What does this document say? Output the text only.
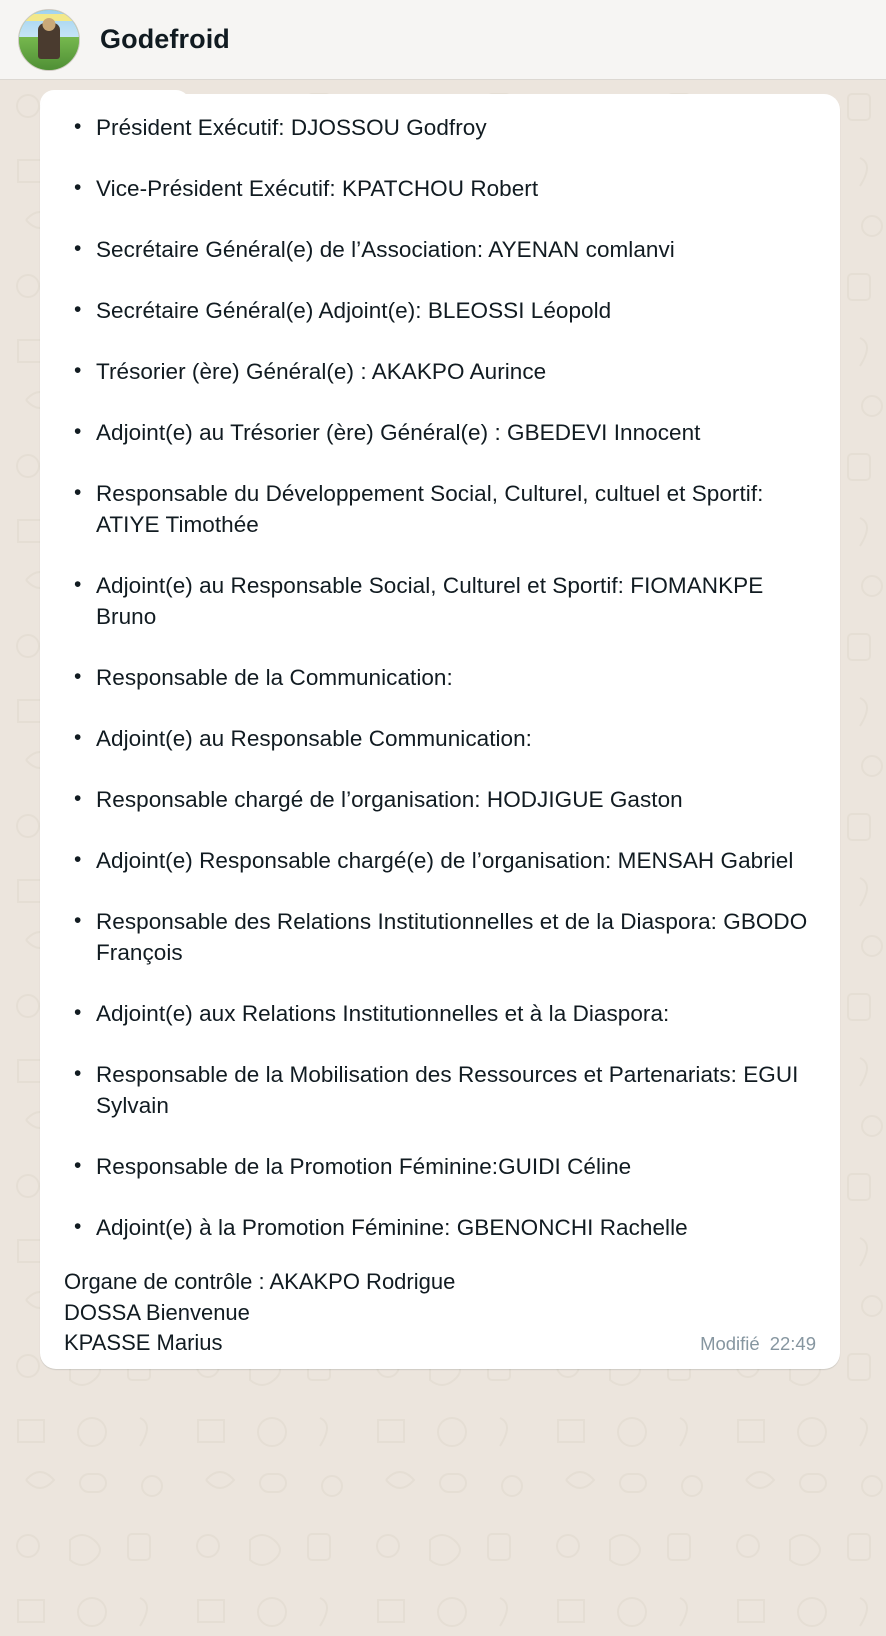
Godefroid
• Président Exécutif: DJOSSOU Godfroy
• Vice-Président Exécutif: KPATCHOU Robert
• Secrétaire Général(e) de l’Association: AYENAN comlanvi
• Secrétaire Général(e) Adjoint(e): BLEOSSI Léopold
• Trésorier (ère) Général(e) : AKAKPO Aurince
• Adjoint(e) au Trésorier (ère) Général(e) : GBEDEVI Innocent
• Responsable du Développement Social, Culturel, cultuel et Sportif: ATIYE Timothée
• Adjoint(e) au Responsable Social, Culturel et Sportif: FIOMANKPE Bruno
• Responsable de la Communication:
• Adjoint(e) au Responsable Communication:
• Responsable chargé de l’organisation: HODJIGUE Gaston
• Adjoint(e) Responsable chargé(e) de l’organisation: MENSAH Gabriel
• Responsable des Relations Institutionnelles et de la Diaspora: GBODO François
• Adjoint(e) aux Relations Institutionnelles et à la Diaspora:
• Responsable de la Mobilisation des Ressources et Partenariats: EGUI Sylvain
• Responsable de la Promotion Féminine:GUIDI Céline
• Adjoint(e) à la Promotion Féminine: GBENONCHI Rachelle
Organe de contrôle : AKAKPO Rodrigue
DOSSA Bienvenue
KPASSE Marius	Modifié 22:49
